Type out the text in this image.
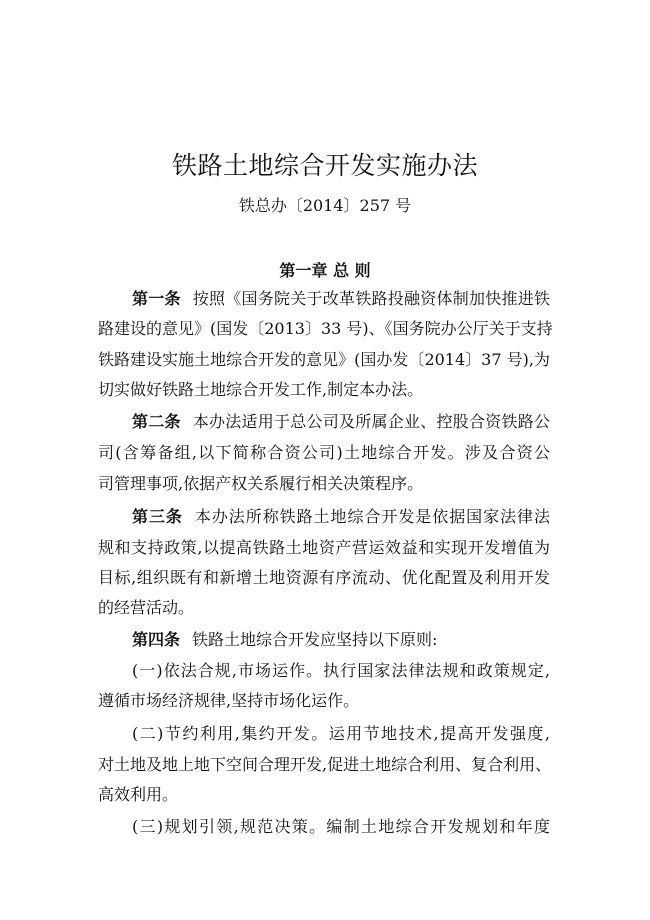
铁路土地综合开发实施办法
铁总办〔2014〕257 号
第一章 总 则
第一条 按照《国务院关于改革铁路投融资体制加快推进铁
路建设的意见》(国发〔2013〕33 号)、《国务院办公厅关于支持
铁路建设实施土地综合开发的意见》(国办发〔2014〕37 号),为
切实做好铁路土地综合开发工作,制定本办法。
第二条 本办法适用于总公司及所属企业、控股合资铁路公
司(含筹备组,以下简称合资公司)土地综合开发。涉及合资公
司管理事项,依据产权关系履行相关决策程序。
第三条 本办法所称铁路土地综合开发是依据国家法律法
规和支持政策,以提高铁路土地资产营运效益和实现开发增值为
目标,组织既有和新增土地资源有序流动、优化配置及利用开发
的经营活动。
第四条 铁路土地综合开发应坚持以下原则:
(一)依法合规,市场运作。执行国家法律法规和政策规定,
遵循市场经济规律,坚持市场化运作。
(二)节约利用,集约开发。运用节地技术,提高开发强度,
对土地及地上地下空间合理开发,促进土地综合利用、复合利用、
高效利用。
(三)规划引领,规范决策。编制土地综合开发规划和年度
